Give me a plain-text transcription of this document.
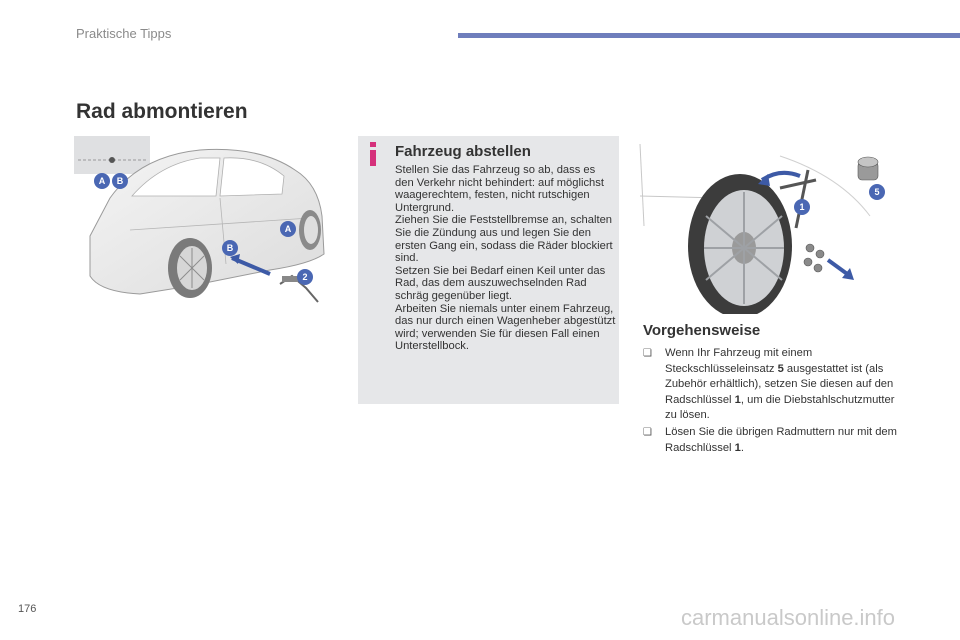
Praktische Tipps
Rad abmontieren
A B
A
B
2
Fahrzeug abstellen

Stellen Sie das Fahrzeug so ab, dass es den Verkehr nicht behindert: auf möglichst waagerechtem, festen, nicht rutschigen Untergrund.

Ziehen Sie die Feststellbremse an, schalten Sie die Zündung aus und legen Sie den ersten Gang ein, sodass die Räder blockiert sind.

Setzen Sie bei Bedarf einen Keil unter das Rad, das dem auszuwechselnden Rad schräg gegenüber liegt.

Arbeiten Sie niemals unter einem Fahrzeug, das nur durch einen Wagenheber abgestützt wird; verwenden Sie für diesen Fall einen Unterstellbock.

1
5
Vorgehensweise
❏ Wenn Ihr Fahrzeug mit einem Steckschlüsseleinsatz 5 ausgestattet ist (als Zubehör erhältlich), setzen Sie diesen auf den Radschlüssel 1, um die Diebstahlschutzmutter zu lösen.
❏ Lösen Sie die übrigen Radmuttern nur mit dem Radschlüssel 1.
176	carmanualsonline.info
